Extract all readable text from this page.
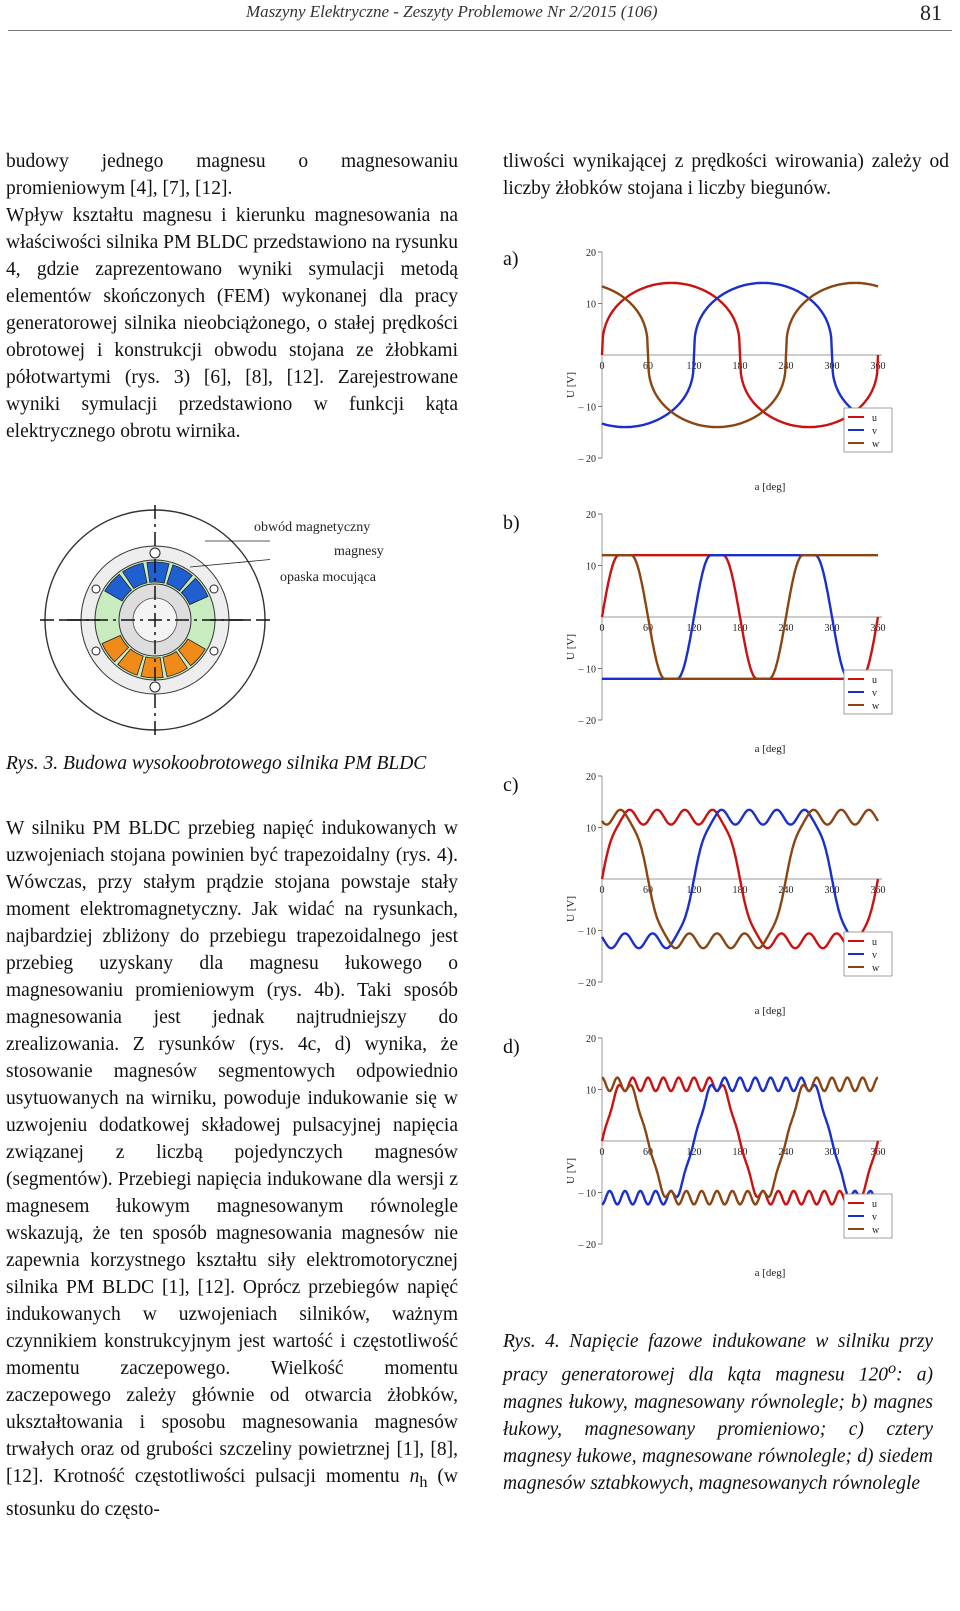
Maszyny Elektryczne - Zeszyty Problemowe Nr 2/2015 (106)	81

budowy jednego magnesu o magnesowaniu promieniowym [4], [7], [12].

Wpływ kształtu magnesu i kierunku magnesowania na właściwości silnika PM BLDC przedstawiono na rysunku 4, gdzie zaprezentowano wyniki symulacji metodą elementów skończonych (FEM) wykonanej dla pracy generatorowej silnika nieobciążonego, o stałej prędkości obrotowej i konstrukcji obwodu stojana ze żłobkami półotwartymi (rys. 3) [6], [8], [12]. Zarejestrowane wyniki symulacji przedstawiono w funkcji kąta elektrycznego obrotu wirnika.

obwód magnetyczny
magnesy
opaska mocująca
Rys. 3. Budowa wysokoobrotowego silnika PM BLDC

W silniku PM BLDC przebieg napięć indukowanych w uzwojeniach stojana powinien być trapezoidalny (rys. 4). Wówczas, przy stałym prądzie stojana powstaje stały moment elektromagnetyczny. Jak widać na rysunkach, najbardziej zbliżony do przebiegu trapezoidalnego jest przebieg uzyskany dla magnesu łukowego o magnesowaniu promieniowym (rys. 4b). Taki sposób magnesowania jest jednak najtrudniejszy do zrealizowania. Z rysunków (rys. 4c, d) wynika, że stosowanie magnesów segmentowych odpowiednio usytuowanych na wirniku, powoduje indukowanie się w uzwojeniu dodatkowej składowej pulsacyjnej napięcia związanej z liczbą pojedynczych magnesów (segmentów). Przebiegi napięcia indukowane dla wersji z magnesem łukowym magnesowanym równolegle wskazują, że ten sposób magnesowania magnesów nie zapewnia korzystnego kształtu siły elektromotorycznej silnika PM BLDC [1], [12]. Oprócz przebiegów napięć indukowanych w uzwojeniach silników, ważnym czynnikiem konstrukcyjnym jest wartość i częstotliwość momentu zaczepowego. Wielkość momentu zaczepowego zależy głównie od otwarcia żłobków, ukształtowania i sposobu magnesowania magnesów trwałych oraz od grubości szczeliny powietrznej [1], [8], [12]. Krotność częstotliwości pulsacji momentu $n_h$ (w stosunku do często-

tliwości wynikającej z prędkości wirowania) zależy od liczby żłobków stojana i liczby biegunów.

a)
b)
c)
d)
20
10
– 10
– 20
0	60	120	180	240	300	360
U [V]
a [deg]
u
v
w
20
10
– 10
– 20
0	60	120	180	240	300	360
U [V]
a [deg]
u
v
w
20
10
– 10
– 20
0	60	120	180	240	300	360
U [V]
a [deg]
u
v
w
20
10
– 10
– 20
0	60	120	180	240	300	360
U [V]
a [deg]
u
v
w
Rys. 4. Napięcie fazowe indukowane w silniku przy pracy generatorowej dla kąta magnesu 120$^o$: a) magnes łukowy, magnesowany równolegle; b) magnes łukowy, magnesowany promieniowo; c) cztery magnesy łukowe, magnesowane równolegle; d) siedem magnesów sztabkowych, magnesowanych równolegle
